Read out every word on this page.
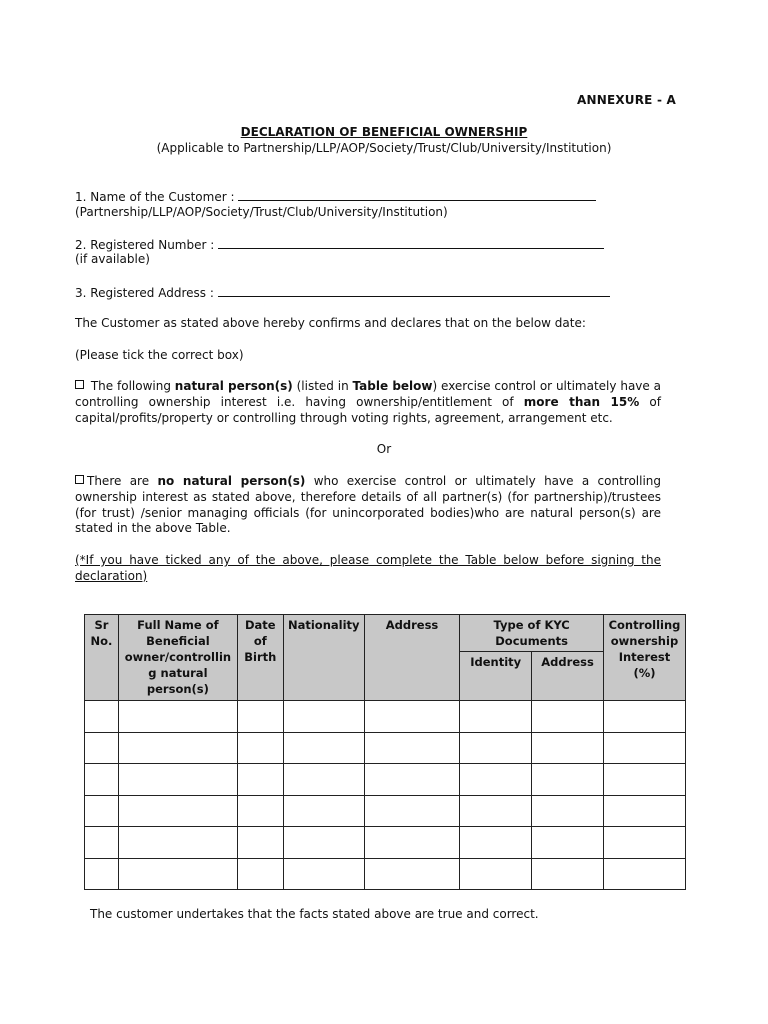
ANNEXURE - A
DECLARATION OF BENEFICIAL OWNERSHIP
(Applicable to Partnership/LLP/AOP/Society/Trust/Club/University/Institution)
1. Name of the Customer :
(Partnership/LLP/AOP/Society/Trust/Club/University/Institution)
2. Registered Number :
(if available)
3. Registered Address :
The Customer as stated above hereby confirms and declares that on the below date:
(Please tick the correct box)
The following natural person(s) (listed in Table below) exercise control or ultimately have a controlling ownership interest i.e. having ownership/entitlement of more than 15% of capital/profits/property or controlling through voting rights, agreement, arrangement etc.
Or
There are no natural person(s) who exercise control or ultimately have a controlling ownership interest as stated above, therefore details of all partner(s) (for partnership)/trustees (for trust) /senior managing officials (for unincorporated bodies)who are natural person(s) are stated in the above Table.
(*If you have ticked any of the above, please complete the Table below before signing the declaration)
Sr No.	Full Name of Beneficial owner/controllin g natural person(s)	Date of Birth	Nationality	Address	Type of KYC Documents		Controlling ownership Interest (%)
					Identity	Address	

The customer undertakes that the facts stated above are true and correct.
